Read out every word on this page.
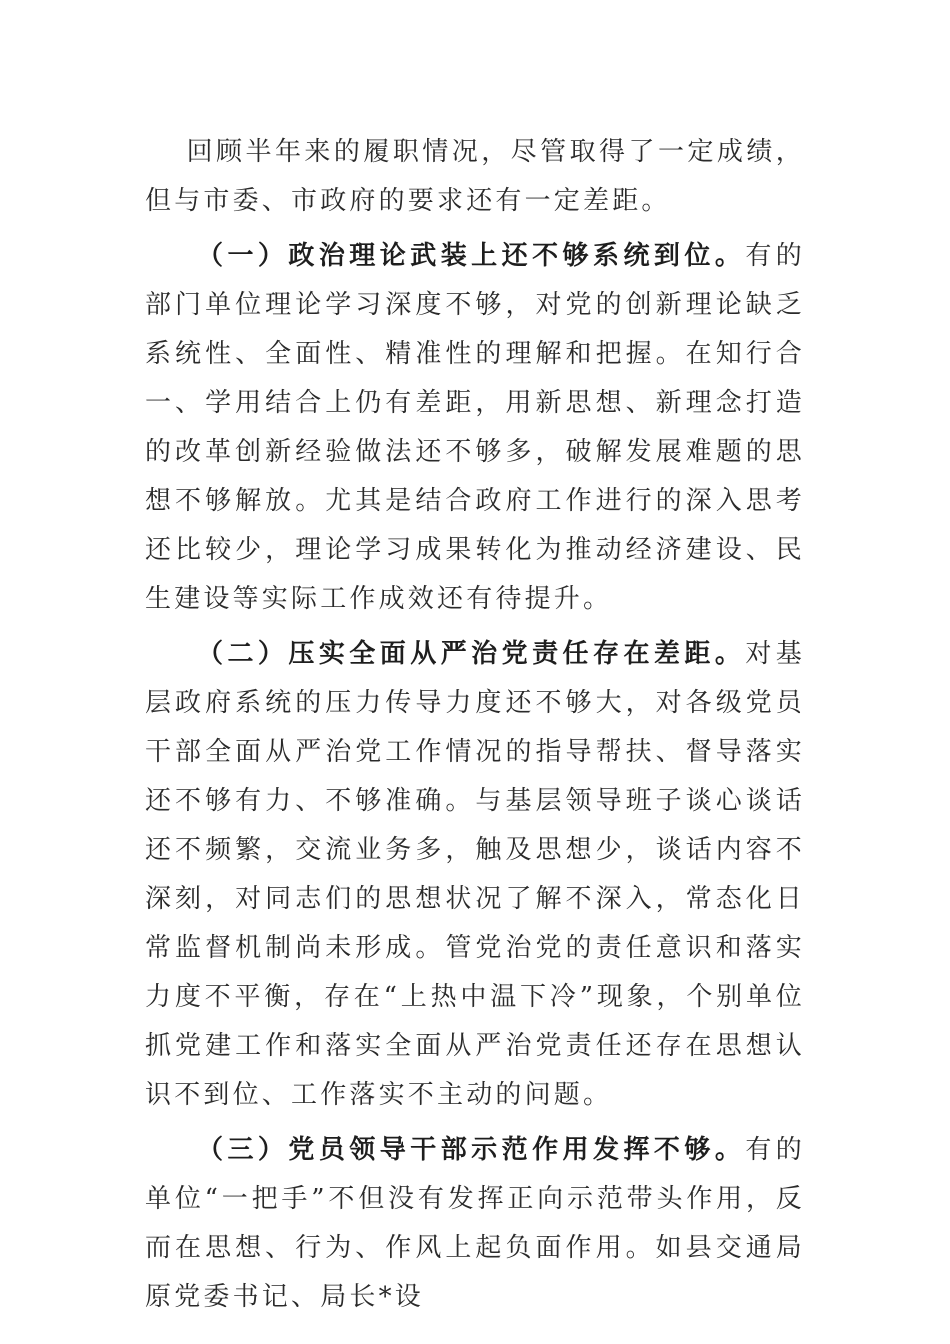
回顾半年来的履职情况，尽管取得了一定成绩，但与市委、市政府的要求还有一定差距。

（一）政治理论武装上还不够系统到位。有的部门单位理论学习深度不够，对党的创新理论缺乏系统性、全面性、精准性的理解和把握。在知行合一、学用结合上仍有差距，用新思想、新理念打造的改革创新经验做法还不够多，破解发展难题的思想不够解放。尤其是结合政府工作进行的深入思考还比较少，理论学习成果转化为推动经济建设、民生建设等实际工作成效还有待提升。

（二）压实全面从严治党责任存在差距。对基层政府系统的压力传导力度还不够大，对各级党员干部全面从严治党工作情况的指导帮扶、督导落实还不够有力、不够准确。与基层领导班子谈心谈话还不频繁，交流业务多，触及思想少，谈话内容不深刻，对同志们的思想状况了解不深入，常态化日常监督机制尚未形成。管党治党的责任意识和落实力度不平衡，存在“上热中温下冷”现象，个别单位抓党建工作和落实全面从严治党责任还存在思想认识不到位、工作落实不主动的问题。

（三）党员领导干部示范作用发挥不够。有的单位“一把手”不但没有发挥正向示范带头作用，反而在思想、行为、作风上起负面作用。如县交通局原党委书记、局长*设
